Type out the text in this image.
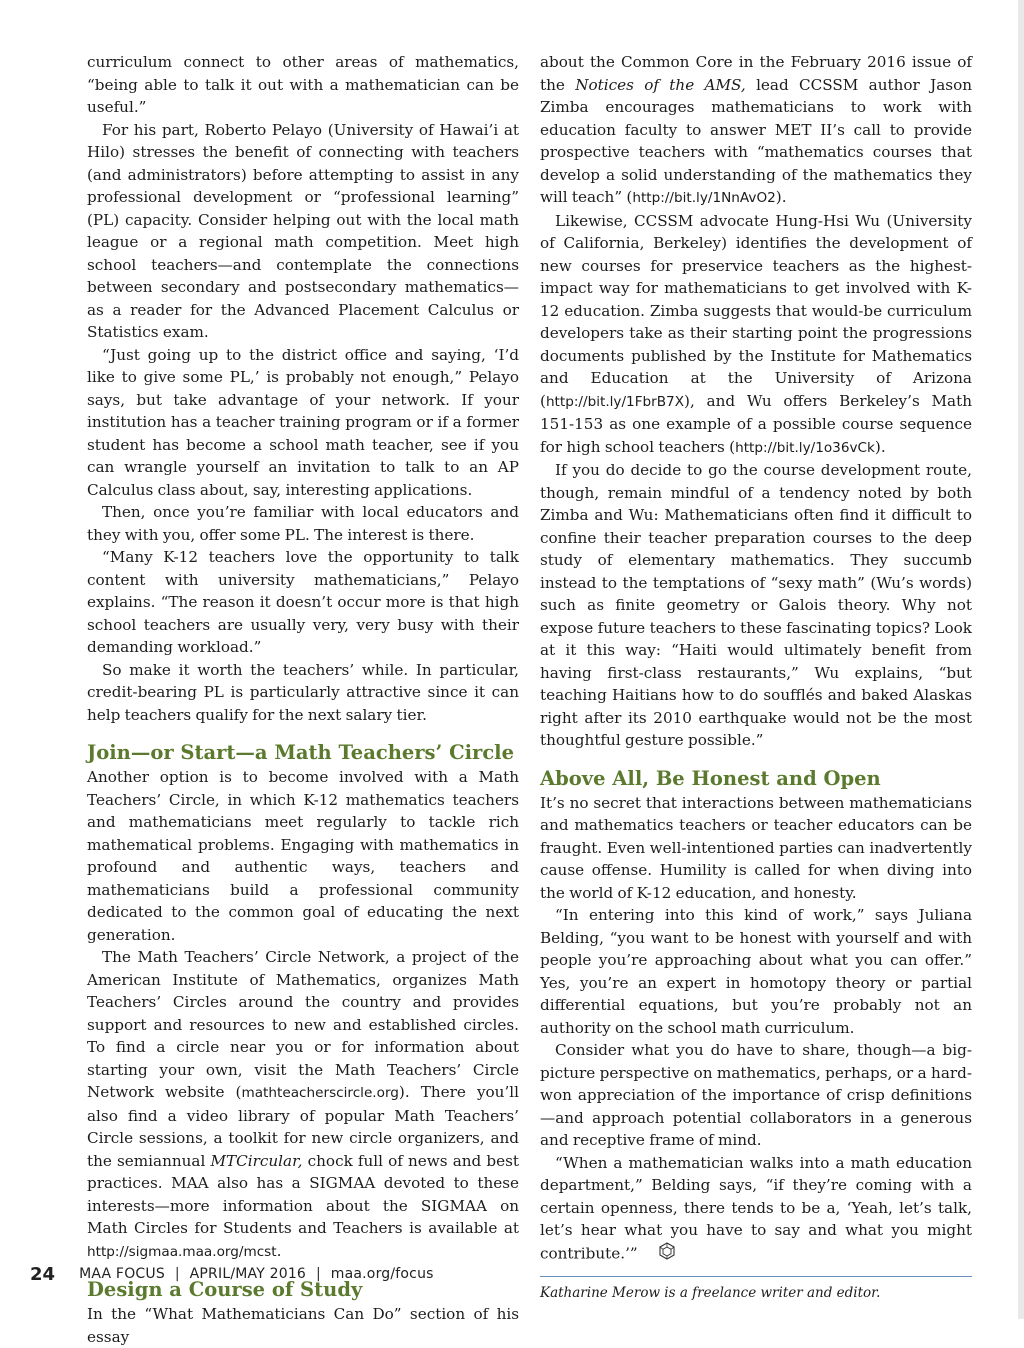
curriculum connect to other areas of mathematics, “being able to talk it out with a mathematician can be useful.”

For his part, Roberto Pelayo (University of Hawai’i at Hilo) stresses the benefit of connecting with teachers (and administrators) before attempting to assist in any professional development or “professional learning” (PL) capacity. Consider helping out with the local math league or a regional math competition. Meet high school teachers—and contemplate the connections between secondary and postsecondary mathematics—as a reader for the Advanced Placement Calculus or Statistics exam.

“Just going up to the district office and saying, ‘I’d like to give some PL,’ is probably not enough,” Pelayo says, but take advantage of your network. If your institution has a teacher training program or if a former student has become a school math teacher, see if you can wrangle yourself an invitation to talk to an AP Calculus class about, say, interesting applications.

Then, once you’re familiar with local educators and they with you, offer some PL. The interest is there.

“Many K-12 teachers love the opportunity to talk content with university mathematicians,” Pelayo explains. “The reason it doesn’t occur more is that high school teachers are usually very, very busy with their demanding workload.”

So make it worth the teachers’ while. In particular, credit-bearing PL is particularly attractive since it can help teachers qualify for the next salary tier.

Join—or Start—a Math Teachers’ Circle

Another option is to become involved with a Math Teachers’ Circle, in which K-12 mathematics teachers and mathematicians meet regularly to tackle rich mathematical problems. Engaging with mathematics in profound and authentic ways, teachers and mathematicians build a professional community dedicated to the common goal of educating the next generation.

The Math Teachers’ Circle Network, a project of the American Institute of Mathematics, organizes Math Teachers’ Circles around the country and provides support and resources to new and established circles. To find a circle near you or for information about starting your own, visit the Math Teachers’ Circle Network website (mathteacherscircle.org). There you’ll also find a video library of popular Math Teachers’ Circle sessions, a toolkit for new circle organizers, and the semiannual MTCircular, chock full of news and best practices. MAA also has a SIGMAA devoted to these interests—more information about the SIGMAA on Math Circles for Students and Teachers is available at http://sigmaa.maa.org/mcst.

Design a Course of Study

In the “What Mathematicians Can Do” section of his essay

about the Common Core in the February 2016 issue of the Notices of the AMS, lead CCSSM author Jason Zimba encourages mathematicians to work with education faculty to answer MET II’s call to provide prospective teachers with “mathematics courses that develop a solid understanding of the mathematics they will teach” (http://bit.ly/1NnAvO2).

Likewise, CCSSM advocate Hung-Hsi Wu (University of California, Berkeley) identifies the development of new courses for preservice teachers as the highest-impact way for mathematicians to get involved with K-12 education. Zimba suggests that would-be curriculum developers take as their starting point the progressions documents published by the Institute for Mathematics and Education at the University of Arizona (http://bit.ly/1FbrB7X), and Wu offers Berkeley’s Math 151-153 as one example of a possible course sequence for high school teachers (http://bit.ly/1o36vCk).

If you do decide to go the course development route, though, remain mindful of a tendency noted by both Zimba and Wu: Mathematicians often find it difficult to confine their teacher preparation courses to the deep study of elementary mathematics. They succumb instead to the temptations of “sexy math” (Wu’s words) such as finite geometry or Galois theory. Why not expose future teachers to these fascinating topics? Look at it this way: “Haiti would ultimately benefit from having first-class restaurants,” Wu explains, “but teaching Haitians how to do soufflés and baked Alaskas right after its 2010 earthquake would not be the most thoughtful gesture possible.”

Above All, Be Honest and Open

It’s no secret that interactions between mathematicians and mathematics teachers or teacher educators can be fraught. Even well-intentioned parties can inadvertently cause offense. Humility is called for when diving into the world of K-12 education, and honesty.

“In entering into this kind of work,” says Juliana Belding, “you want to be honest with yourself and with people you’re approaching about what you can offer.” Yes, you’re an expert in homotopy theory or partial differential equations, but you’re probably not an authority on the school math curriculum.

Consider what you do have to share, though—a big-picture perspective on mathematics, perhaps, or a hard-won appreciation of the importance of crisp definitions—and approach potential collaborators in a generous and receptive frame of mind.

“When a mathematician walks into a math education department,” Belding says, “if they’re coming with a certain openness, there tends to be a, ‘Yeah, let’s talk, let’s hear what you have to say and what you might contribute.’”

Katharine Merow is a freelance writer and editor.

24 MAA FOCUS | APRIL/MAY 2016 | maa.org/focus
